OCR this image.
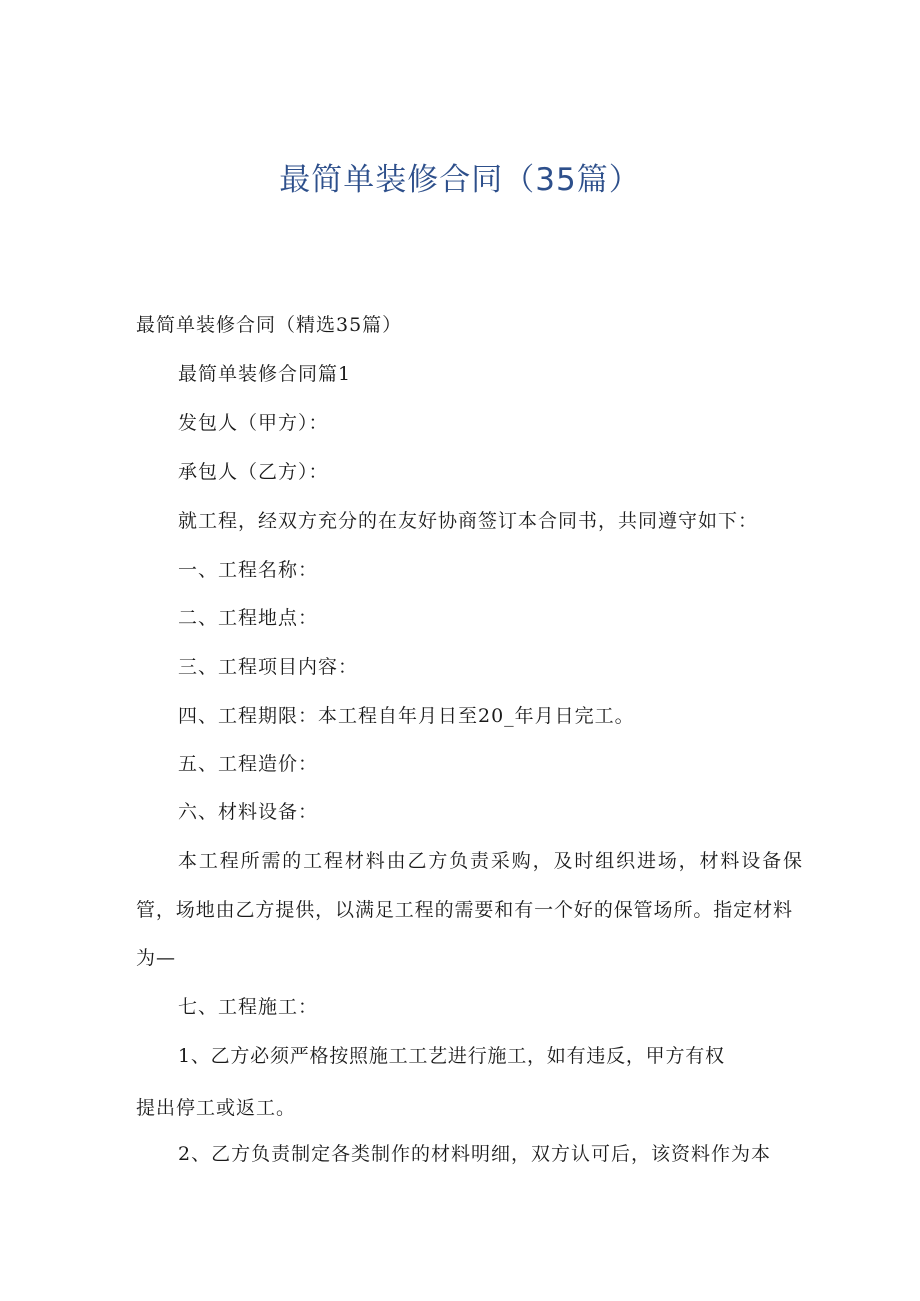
最简单装修合同（35篇）
最简单装修合同（精选35篇）
最简单装修合同篇1
发包人（甲方）：
承包人（乙方）：
就工程，经双方充分的在友好协商签订本合同书，共同遵守如下：
一、工程名称：
二、工程地点：
三、工程项目内容：
四、工程期限：本工程自年月日至20_年月日完工。
五、工程造价：
六、材料设备：
本工程所需的工程材料由乙方负责采购，及时组织进场，材料设备保
管，场地由乙方提供，以满足工程的需要和有一个好的保管场所。指定材料
为—
七、工程施工：
1、乙方必须严格按照施工工艺进行施工，如有违反，甲方有权
提出停工或返工。
2、乙方负责制定各类制作的材料明细，双方认可后，该资料作为本
